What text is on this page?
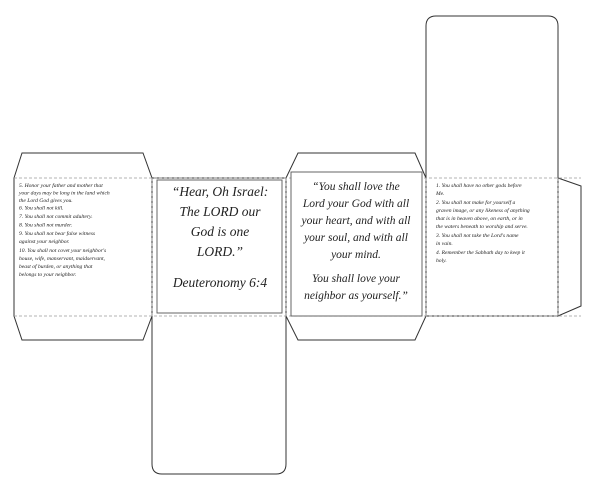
5. Honor your father and mother that
your days may be long in the land which
the Lord God gives you.
6. You shall not kill.
7. You shall not commit adultery.
8. You shall not murder.
9. You shall not bear false witness
against your neighbor.
10. You shall not covet your neighbor's
house, wife, manservant, maidservant,
beast of burden, or anything that
belongs to your neighbor.
“Hear, Oh Israel:
The LORD our
God is one
LORD.”
Deuteronomy 6:4
“You shall love the
Lord your God with all
your heart, and with all
your soul, and with all
your mind.
You shall love your
neighbor as yourself.”
1. You shall have no other gods before
Me.
2. You shall not make for yourself a
graven image, or any likeness of anything
that is in heaven above, on earth, or in
the waters beneath to worship and serve.
3. You shall not take the Lord's name
in vain.
4. Remember the Sabbath day to keep it
holy.
